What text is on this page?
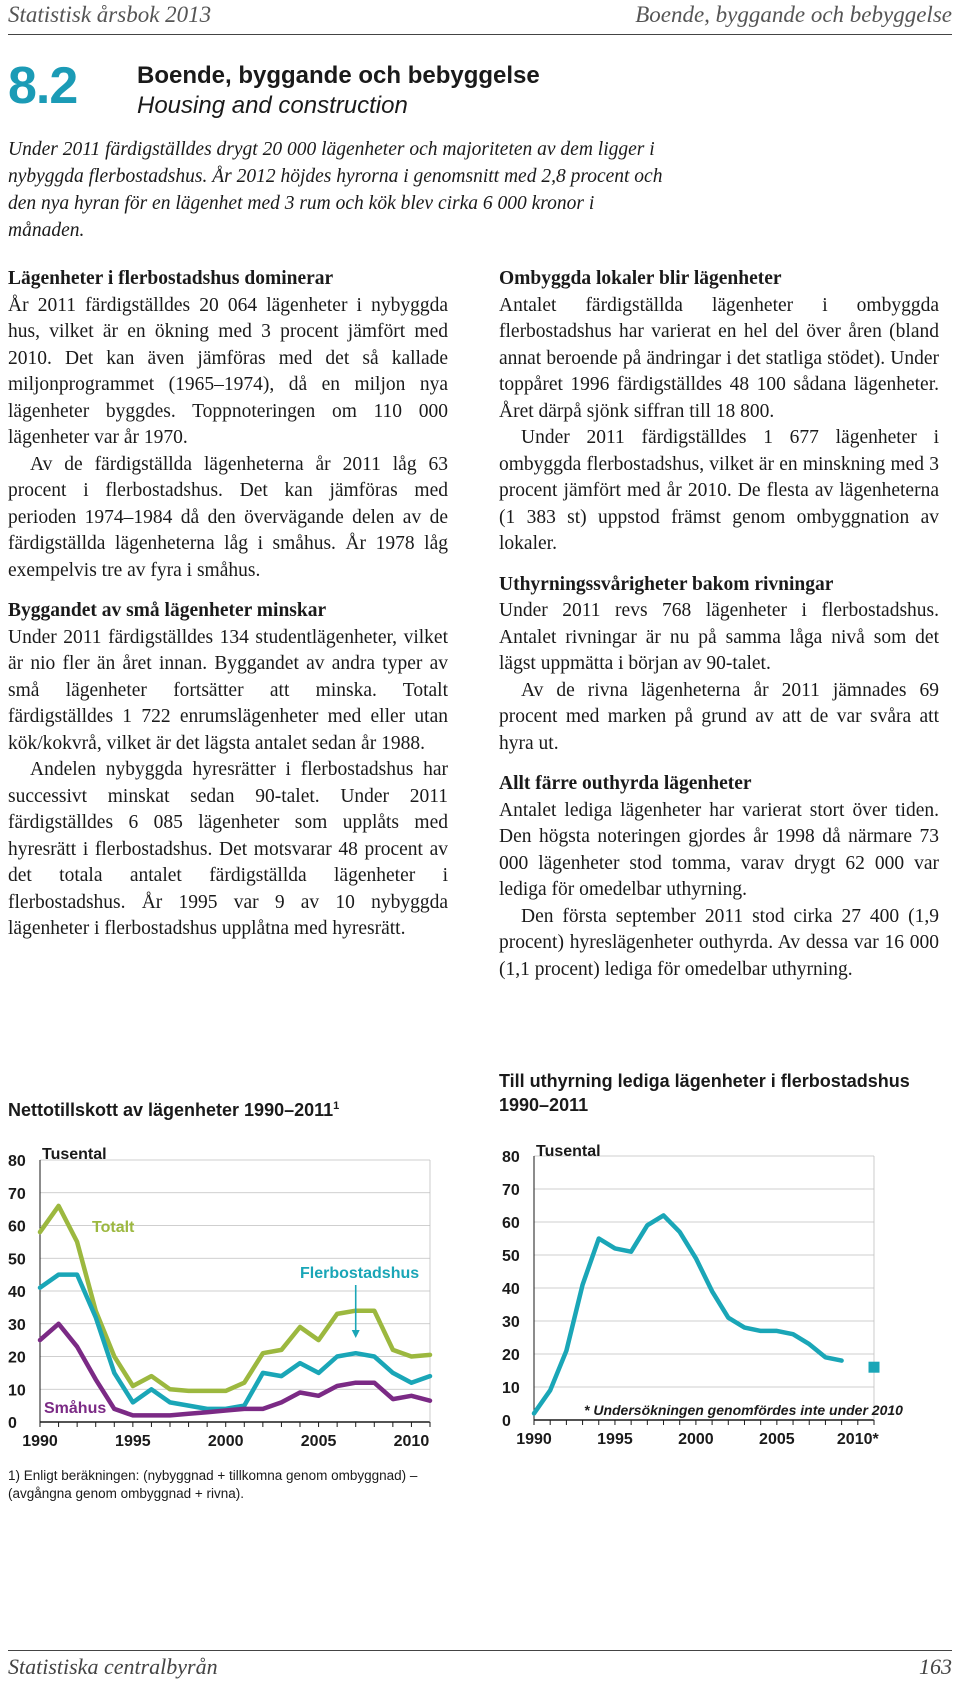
Statistisk årsbok 2013	Boende, byggande och bebyggelse
8.2 Boende, byggande och bebyggelse
Housing and construction
Under 2011 färdigställdes drygt 20 000 lägenheter och majoriteten av dem ligger i nybyggda flerbostadshus. År 2012 höjdes hyrorna i genomsnitt med 2,8 procent och den nya hyran för en lägenhet med 3 rum och kök blev cirka 6 000 kronor i månaden.
Lägenheter i flerbostadshus dominerar

År 2011 färdigställdes 20 064 lägenheter i nybyggda hus, vilket är en ökning med 3 procent jämfört med 2010. Det kan även jämföras med det så kallade miljonprogrammet (1965–1974), då en miljon nya lägenheter byggdes. Toppnoteringen om 110 000 lägenheter var år 1970.

Av de färdigställda lägenheterna år 2011 låg 63 procent i flerbostadshus. Det kan jämföras med perioden 1974–1984 då den övervägande delen av de färdigställda lägenheterna låg i småhus. År 1978 låg exempelvis tre av fyra i småhus.

Byggandet av små lägenheter minskar

Under 2011 färdigställdes 134 studentlägenheter, vilket är nio fler än året innan. Byggandet av andra typer av små lägenheter fortsätter att minska. Totalt färdigställdes 1 722 enrumslägenheter med eller utan kök/kokvrå, vilket är det lägsta antalet sedan år 1988.

Andelen nybyggda hyresrätter i flerbostadshus har successivt minskat sedan 90-talet. Under 2011 färdigställdes 6 085 lägenheter som upplåts med hyresrätt i flerbostadshus. Det motsvarar 48 procent av det totala antalet färdigställda lägenheter i flerbostadshus. År 1995 var 9 av 10 nybyggda lägenheter i flerbostadshus upplåtna med hyresrätt.

Ombyggda lokaler blir lägenheter

Antalet färdigställda lägenheter i ombyggda flerbostadshus har varierat en hel del över åren (bland annat beroende på ändringar i det statliga stödet). Under toppåret 1996 färdigställdes 48 100 sådana lägenheter. Året därpå sjönk siffran till 18 800.

Under 2011 färdigställdes 1 677 lägenheter i ombyggda flerbostadshus, vilket är en minskning med 3 procent jämfört med år 2010. De flesta av lägenheterna (1 383 st) uppstod främst genom ombyggnation av lokaler.

Uthyrningssvårigheter bakom rivningar

Under 2011 revs 768 lägenheter i flerbostadshus. Antalet rivningar är nu på samma låga nivå som det lägst uppmätta i början av 90-talet.

Av de rivna lägenheterna år 2011 jämnades 69 procent med marken på grund av att de var svåra att hyra ut.

Allt färre outhyrda lägenheter

Antalet lediga lägenheter har varierat stort över tiden. Den högsta noteringen gjordes år 1998 då närmare 73 000 lägenheter stod tomma, varav drygt 62 000 var lediga för omedelbar uthyrning.

Den första september 2011 stod cirka 27 400 (1,9 procent) hyreslägenheter outhyrda. Av dessa var 16 000 (1,1 procent) lediga för omedelbar uthyrning.

Nettotillskott av lägenheter 1990–2011$^1$
Till uthyrning lediga lägenheter i flerbostadshus 1990–2011
0
10
20
30
40
50
60
70
80
1990	1995	2000	2005	2010
Tusental
Totalt
Flerbostadshus
Småhus
0
10
20
30
40
50
60
70
80
1990	1995	2000	2005	2010*
Tusental
* Undersökningen genomfördes inte under 2010
1) Enligt beräkningen: (nybyggnad + tillkomna genom ombyggnad) – (avgångna genom ombyggnad + rivna).
Statistiska centralbyrån	163
